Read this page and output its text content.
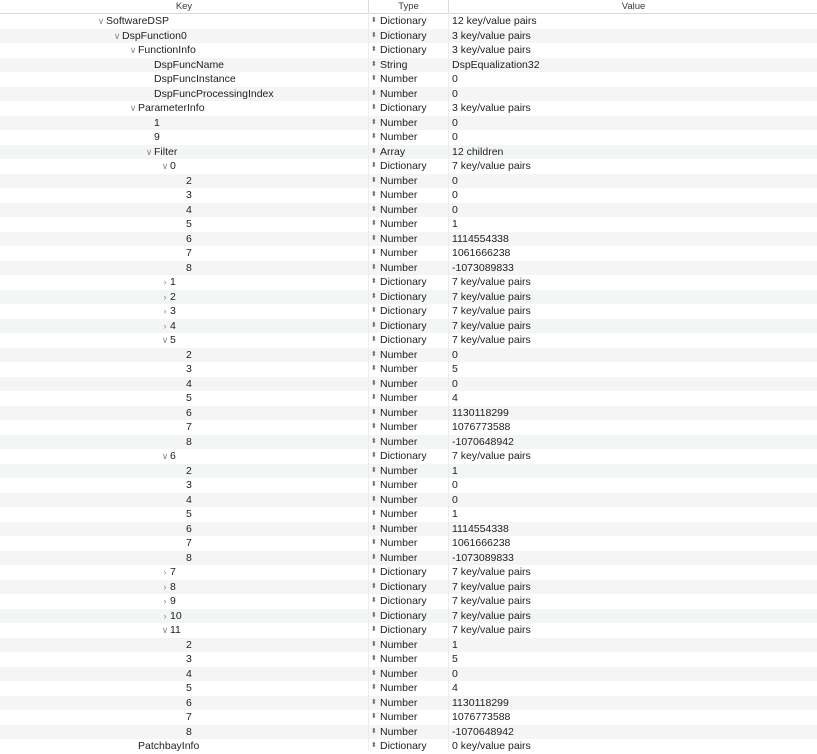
Key	Type	Value
∨ SoftwareDSP	⬍ Dictionary	12 key/value pairs
∨ DspFunction0	⬍ Dictionary	3 key/value pairs
∨ FunctionInfo	⬍ Dictionary	3 key/value pairs
DspFuncName	⬍ String	DspEqualization32
DspFuncInstance	⬍ Number	0
DspFuncProcessingIndex	⬍ Number	0
∨ ParameterInfo	⬍ Dictionary	3 key/value pairs
1	⬍ Number	0
9	⬍ Number	0
∨ Filter	⬍ Array	12 children
∨ 0	⬍ Dictionary	7 key/value pairs
2	⬍ Number	0
3	⬍ Number	0
4	⬍ Number	0
5	⬍ Number	1
6	⬍ Number	1114554338
7	⬍ Number	1061666238
8	⬍ Number	-1073089833
› 1	⬍ Dictionary	7 key/value pairs
› 2	⬍ Dictionary	7 key/value pairs
› 3	⬍ Dictionary	7 key/value pairs
› 4	⬍ Dictionary	7 key/value pairs
∨ 5	⬍ Dictionary	7 key/value pairs
2	⬍ Number	0
3	⬍ Number	5
4	⬍ Number	0
5	⬍ Number	4
6	⬍ Number	1130118299
7	⬍ Number	1076773588
8	⬍ Number	-1070648942
∨ 6	⬍ Dictionary	7 key/value pairs
2	⬍ Number	1
3	⬍ Number	0
4	⬍ Number	0
5	⬍ Number	1
6	⬍ Number	1114554338
7	⬍ Number	1061666238
8	⬍ Number	-1073089833
› 7	⬍ Dictionary	7 key/value pairs
› 8	⬍ Dictionary	7 key/value pairs
› 9	⬍ Dictionary	7 key/value pairs
› 10	⬍ Dictionary	7 key/value pairs
∨ 11	⬍ Dictionary	7 key/value pairs
2	⬍ Number	1
3	⬍ Number	5
4	⬍ Number	0
5	⬍ Number	4
6	⬍ Number	1130118299
7	⬍ Number	1076773588
8	⬍ Number	-1070648942
PatchbayInfo	⬍ Dictionary	0 key/value pairs
